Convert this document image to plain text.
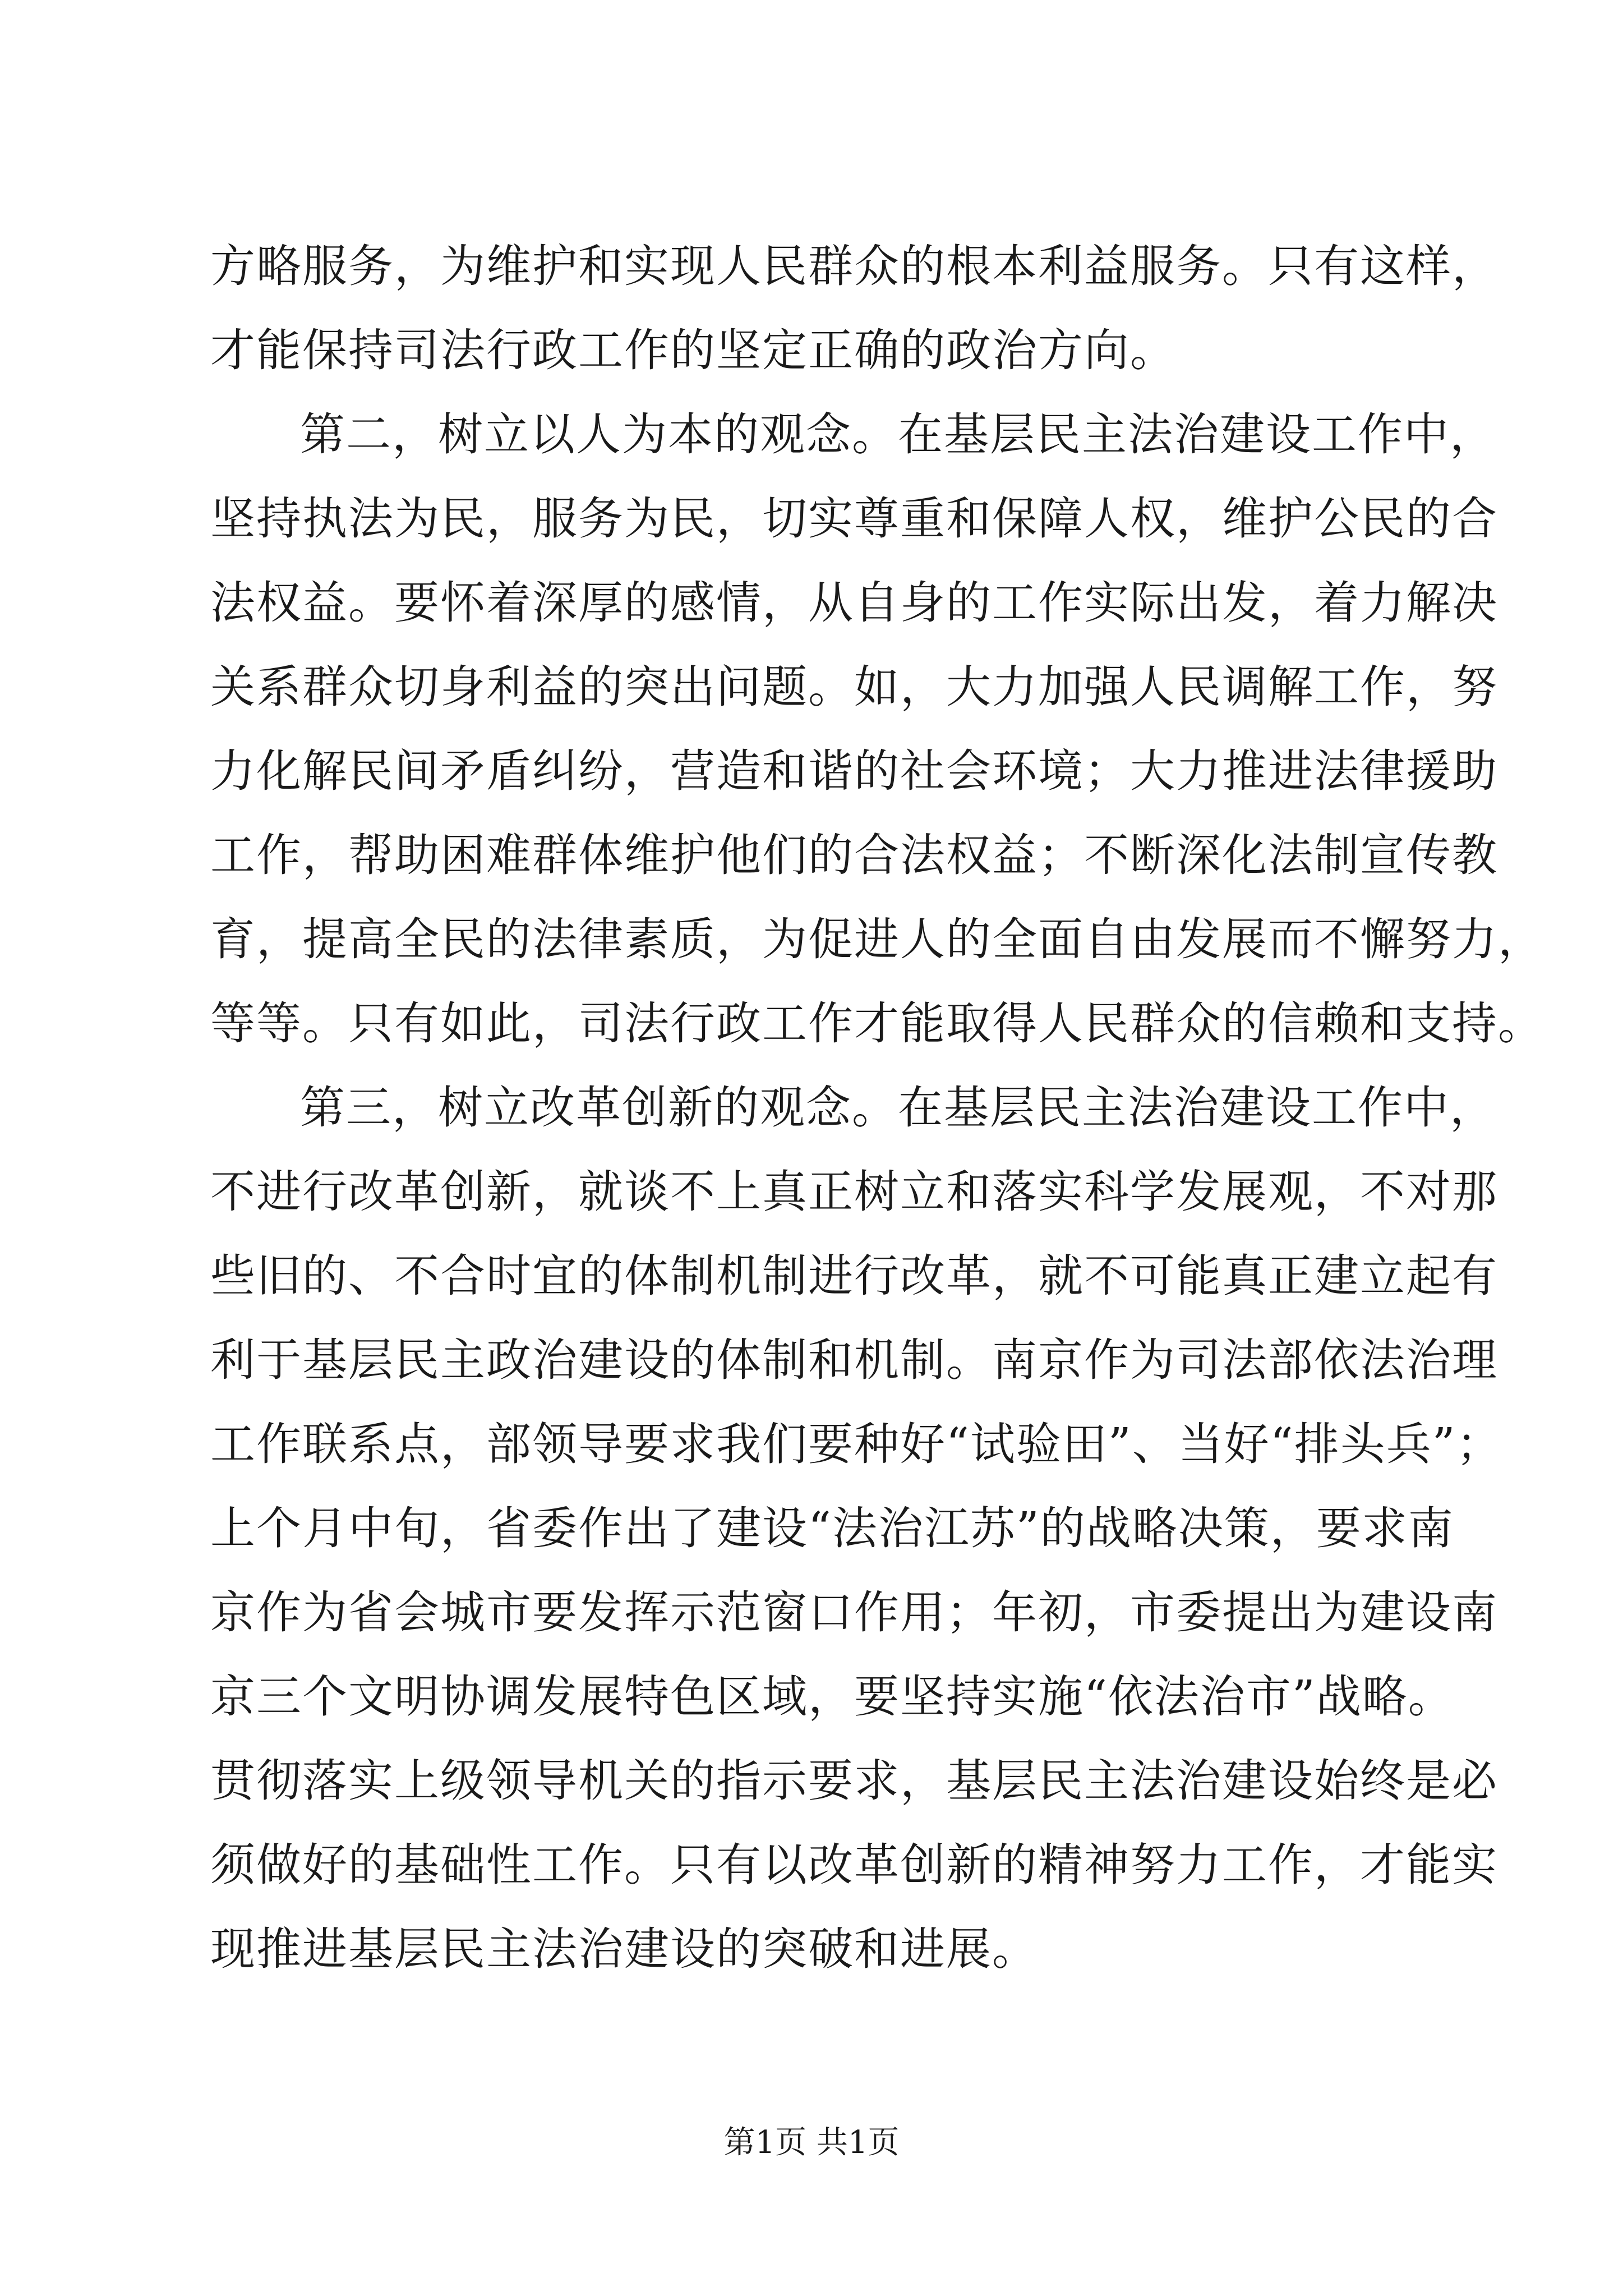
方略服务，为维护和实现人民群众的根本利益服务。只有这样，
才能保持司法行政工作的坚定正确的政治方向。
第二，树立以人为本的观念。在基层民主法治建设工作中，
坚持执法为民，服务为民，切实尊重和保障人权，维护公民的合
法权益。要怀着深厚的感情，从自身的工作实际出发，着力解决
关系群众切身利益的突出问题。如，大力加强人民调解工作，努
力化解民间矛盾纠纷，营造和谐的社会环境；大力推进法律援助
工作，帮助困难群体维护他们的合法权益；不断深化法制宣传教
育，提高全民的法律素质，为促进人的全面自由发展而不懈努力，
等等。只有如此，司法行政工作才能取得人民群众的信赖和支持。
第三，树立改革创新的观念。在基层民主法治建设工作中，
不进行改革创新，就谈不上真正树立和落实科学发展观，不对那
些旧的、不合时宜的体制机制进行改革，就不可能真正建立起有
利于基层民主政治建设的体制和机制。南京作为司法部依法治理
工作联系点，部领导要求我们要种好“试验田”、当好“排头兵”；
上个月中旬，省委作出了建设“法治江苏”的战略决策，要求南
京作为省会城市要发挥示范窗口作用；年初，市委提出为建设南
京三个文明协调发展特色区域，要坚持实施“依法治市”战略。
贯彻落实上级领导机关的指示要求，基层民主法治建设始终是必
须做好的基础性工作。只有以改革创新的精神努力工作，才能实
现推进基层民主法治建设的突破和进展。
第1页 共1页
